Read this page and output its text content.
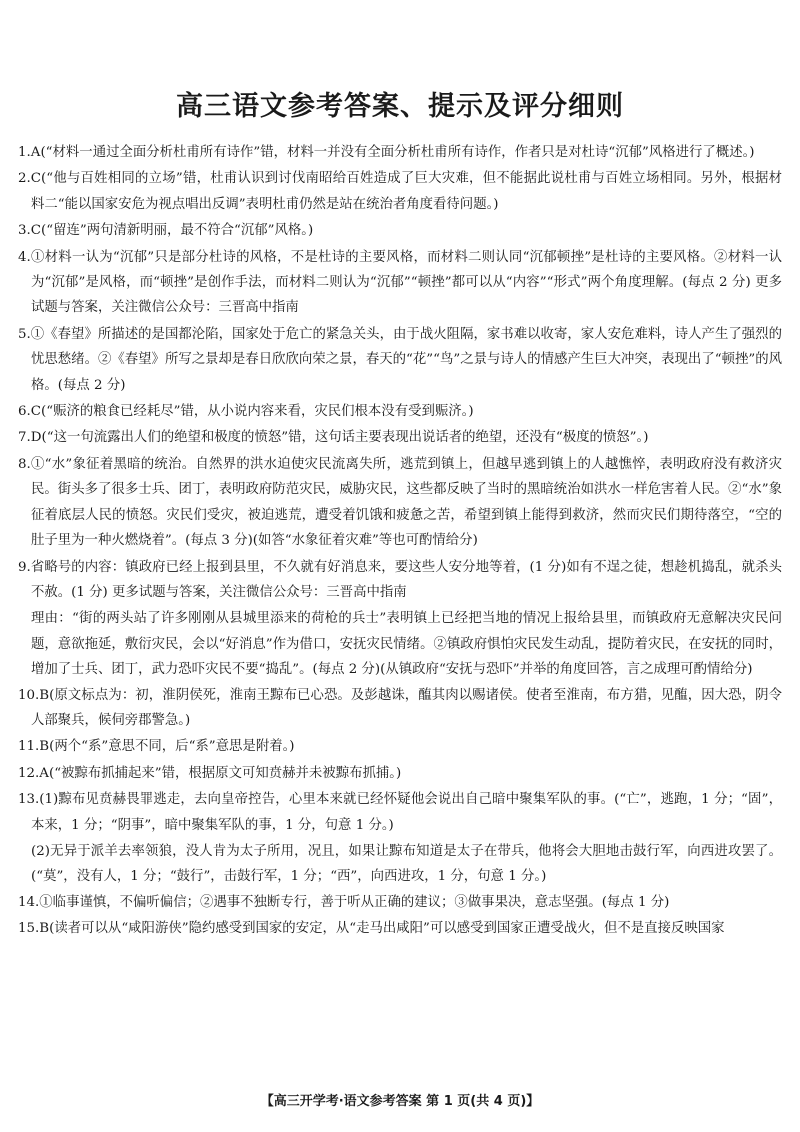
高三语文参考答案、提示及评分细则
1.A(“材料一通过全面分析杜甫所有诗作”错，材料一并没有全面分析杜甫所有诗作，作者只是对杜诗“沉郁”风格进行了概述。)
2.C(“他与百姓相同的立场”错，杜甫认识到讨伐南昭给百姓造成了巨大灾难，但不能据此说杜甫与百姓立场相同。另外，根据材料二“能以国家安危为视点唱出反调”表明杜甫仍然是站在统治者角度看待问题。)
3.C(“留连”两句清新明丽，最不符合“沉郁”风格。)
4.①材料一认为“沉郁”只是部分杜诗的风格，不是杜诗的主要风格，而材料二则认同“沉郁顿挫”是杜诗的主要风格。②材料一认为“沉郁”是风格，而“顿挫”是创作手法，而材料二则认为“沉郁”“顿挫”都可以从“内容”“形式”两个角度理解。(每点 2 分) 更多试题与答案，关注微信公众号：三晋高中指南
5.①《春望》所描述的是国都沦陷，国家处于危亡的紧急关头，由于战火阻隔，家书难以收寄，家人安危难料，诗人产生了强烈的忧思愁绪。②《春望》所写之景却是春日欣欣向荣之景，春天的“花”“鸟”之景与诗人的情感产生巨大冲突，表现出了“顿挫”的风格。(每点 2 分)
6.C(“赈济的粮食已经耗尽”错，从小说内容来看，灾民们根本没有受到赈济。)
7.D(“这一句流露出人们的绝望和极度的愤怒”错，这句话主要表现出说话者的绝望，还没有“极度的愤怒”。)
8.①“水”象征着黑暗的统治。自然界的洪水迫使灾民流离失所，逃荒到镇上，但越早逃到镇上的人越憔悴，表明政府没有救济灾民。街头多了很多士兵、团丁，表明政府防范灾民，威胁灾民，这些都反映了当时的黑暗统治如洪水一样危害着人民。②“水”象征着底层人民的愤怒。灾民们受灾，被迫逃荒，遭受着饥饿和疲惫之苦，希望到镇上能得到救济，然而灾民们期待落空，“空的肚子里为一种火燃烧着”。(每点 3 分)(如答“水象征着灾难”等也可酌情给分)
9.省略号的内容：镇政府已经上报到县里，不久就有好消息来，要这些人安分地等着，(1 分)如有不逞之徒，想趁机捣乱，就杀头不赦。(1 分) 更多试题与答案，关注微信公众号：三晋高中指南
理由：“街的两头站了许多刚刚从县城里添来的荷枪的兵士”表明镇上已经把当地的情况上报给县里，而镇政府无意解决灾民问题，意欲拖延，敷衍灾民，会以“好消息”作为借口，安抚灾民情绪。②镇政府惧怕灾民发生动乱，提防着灾民，在安抚的同时，增加了士兵、团丁，武力恐吓灾民不要“捣乱”。(每点 2 分)(从镇政府“安抚与恐吓”并举的角度回答，言之成理可酌情给分)
10.B(原文标点为：初，淮阴侯死，淮南王黥布已心恐。及彭越诛，醢其肉以赐诸侯。使者至淮南，布方猎，见醢，因大恐，阴令人部聚兵，候伺旁郡警急。)
11.B(两个“系”意思不同，后“系”意思是附着。)
12.A(“被黥布抓捕起来”错，根据原文可知贲赫并未被黥布抓捕。)
13.(1)黥布见贲赫畏罪逃走，去向皇帝控告，心里本来就已经怀疑他会说出自己暗中聚集军队的事。(“亡”，逃跑，1 分；“固”，本来，1 分；“阴事”，暗中聚集军队的事，1 分，句意 1 分。)
(2)无异于派羊去率领狼，没人肯为太子所用，况且，如果让黥布知道是太子在带兵，他将会大胆地击鼓行军，向西进攻罢了。(“莫”，没有人，1 分；“鼓行”，击鼓行军，1 分；“西”，向西进攻，1 分，句意 1 分。)
14.①临事谨慎，不偏听偏信；②遇事不独断专行，善于听从正确的建议；③做事果决，意志坚强。(每点 1 分)
15.B(读者可以从“咸阳游侠”隐约感受到国家的安定，从“走马出咸阳”可以感受到国家正遭受战火，但不是直接反映国家
【高三开学考·语文参考答案 第 1 页(共 4 页)】
